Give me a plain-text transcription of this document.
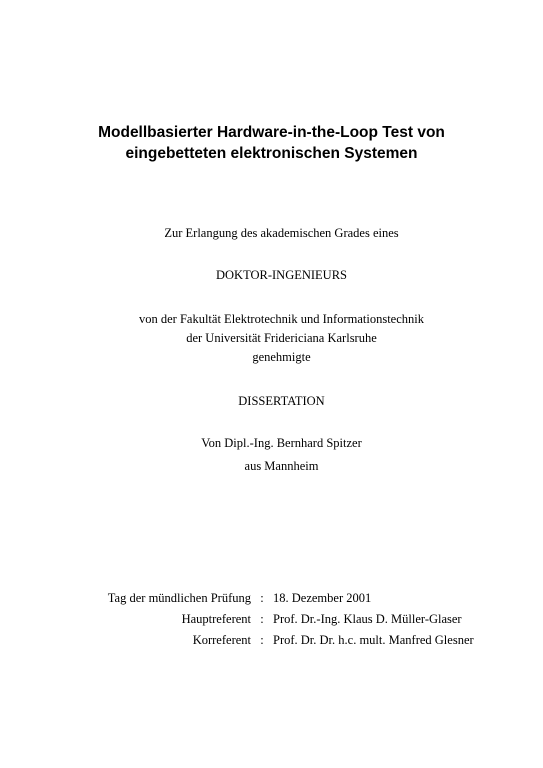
Modellbasierter Hardware-in-the-Loop Test von
eingebetteten elektronischen Systemen
Zur Erlangung des akademischen Grades eines
DOKTOR-INGENIEURS
von der Fakultät Elektrotechnik und Informationstechnik
der Universität Fridericiana Karlsruhe
genehmigte
DISSERTATION
Von Dipl.-Ing. Bernhard Spitzer
aus Mannheim
Tag der mündlichen Prüfung : 18. Dezember 2001
Hauptreferent : Prof. Dr.-Ing. Klaus D. Müller-Glaser
Korreferent : Prof. Dr. Dr. h.c. mult. Manfred Glesner
